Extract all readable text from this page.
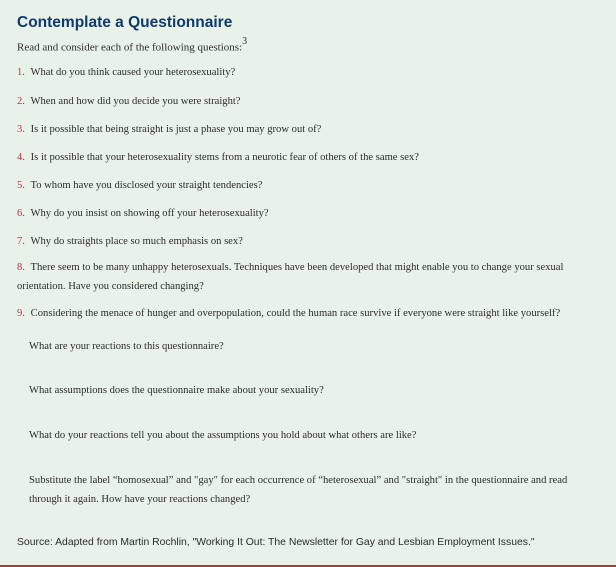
Contemplate a Questionnaire
Read and consider each of the following questions:$^3$
1. What do you think caused your heterosexuality?
2. When and how did you decide you were straight?
3. Is it possible that being straight is just a phase you may grow out of?
4. Is it possible that your heterosexuality stems from a neurotic fear of others of the same sex?
5. To whom have you disclosed your straight tendencies?
6. Why do you insist on showing off your heterosexuality?
7. Why do straights place so much emphasis on sex?
8. There seem to be many unhappy heterosexuals. Techniques have been developed that might enable you to change your sexual orientation. Have you considered changing?
9. Considering the menace of hunger and overpopulation, could the human race survive if everyone were straight like yourself?
What are your reactions to this questionnaire?
What assumptions does the questionnaire make about your sexuality?
What do your reactions tell you about the assumptions you hold about what others are like?
Substitute the label “homosexual” and "gay" for each occurrence of “heterosexual” and "straight" in the questionnaire and read through it again. How have your reactions changed?
Source: Adapted from Martin Rochlin, "Working It Out: The Newsletter for Gay and Lesbian Employment Issues."
